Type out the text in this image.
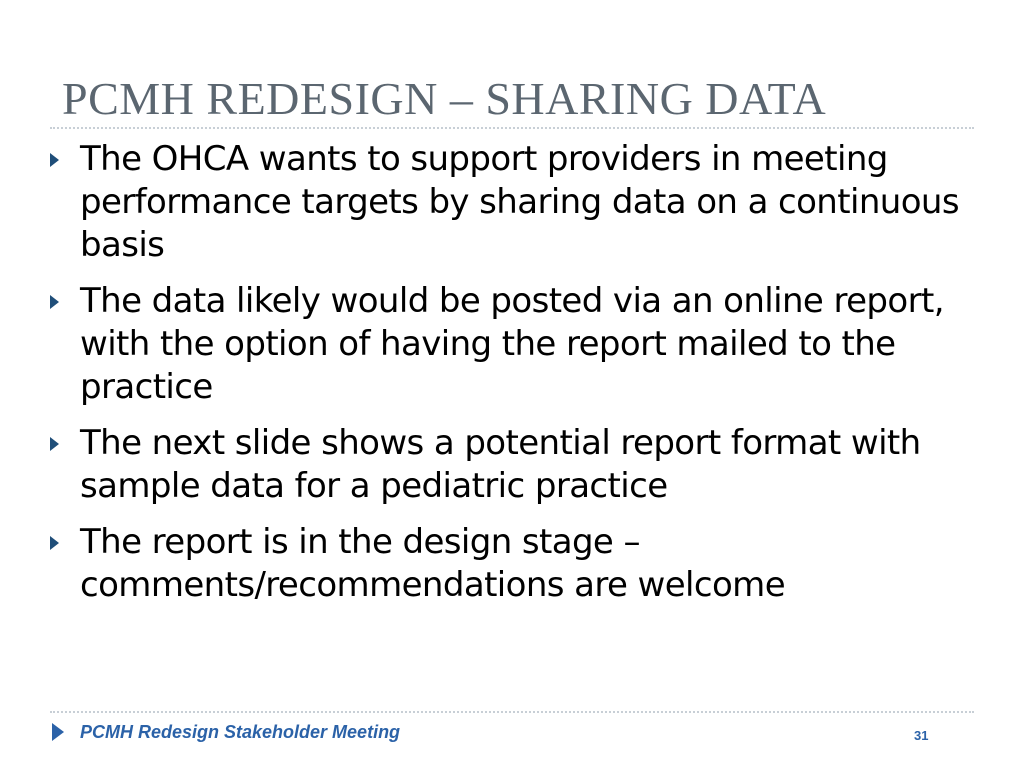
PCMH REDESIGN – SHARING DATA
The OHCA wants to support providers in meeting performance targets by sharing data on a continuous basis
The data likely would be posted via an online report, with the option of having the report mailed to the practice
The next slide shows a potential report format with sample data for a pediatric practice
The report is in the design stage – comments/recommendations are welcome
PCMH Redesign Stakeholder Meeting	31
